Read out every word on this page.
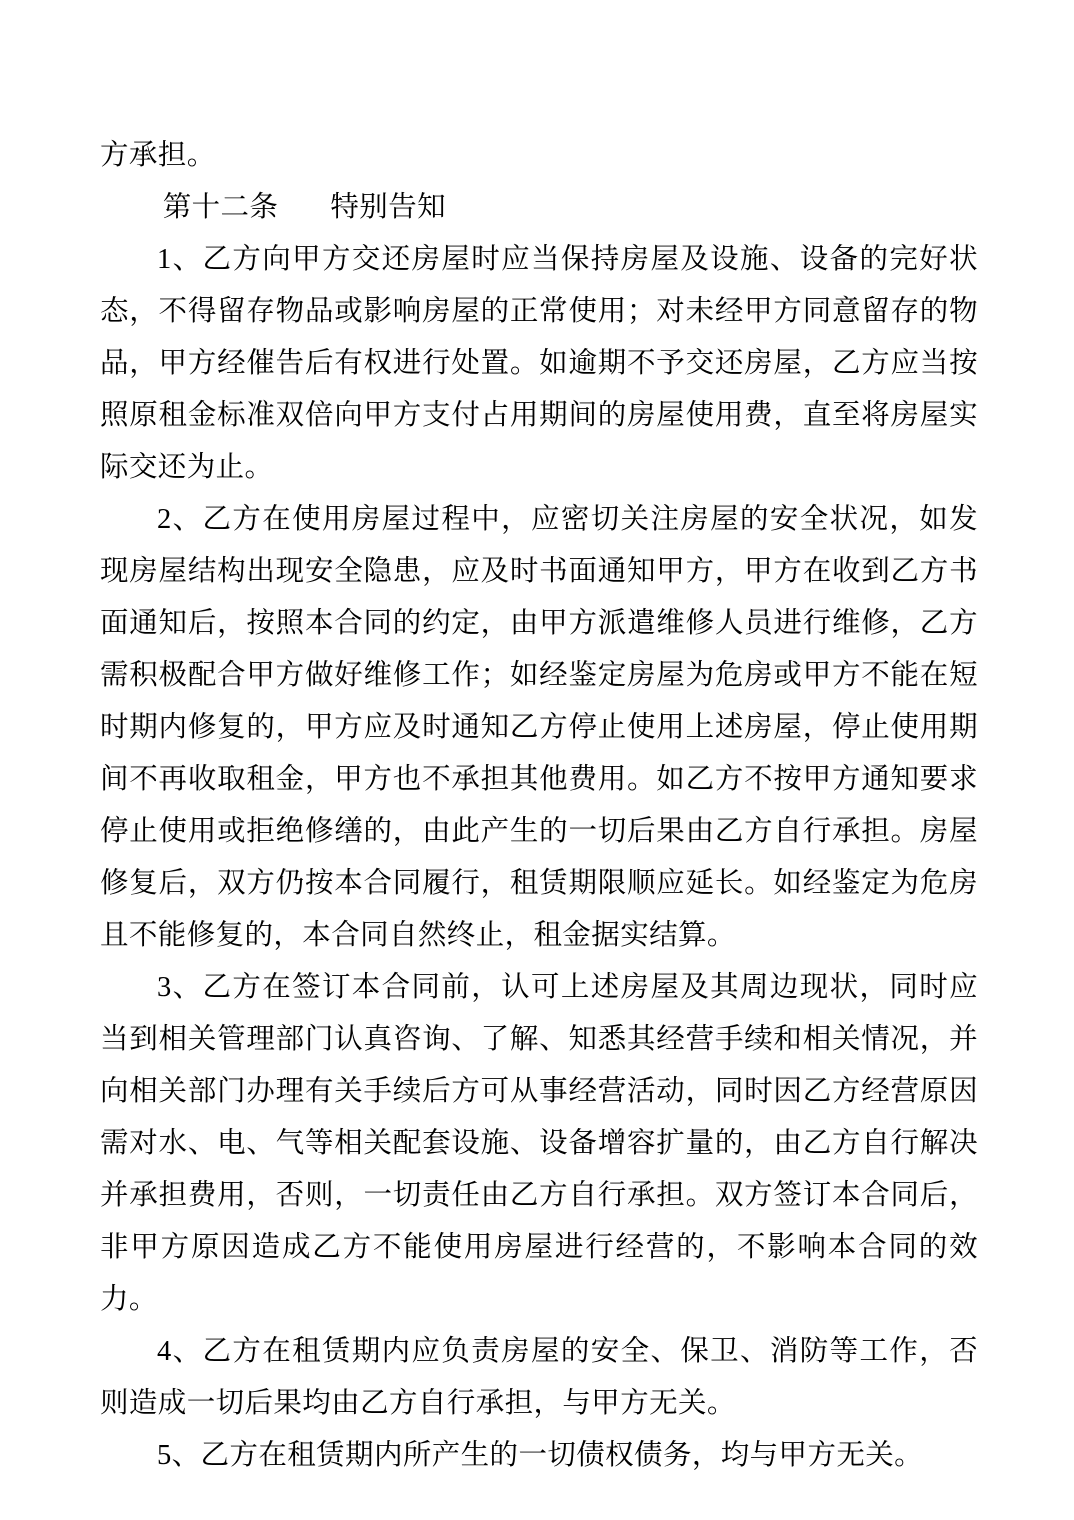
方承担。

第十二条 特别告知

1、乙方向甲方交还房屋时应当保持房屋及设施、设备的完好状态，不得留存物品或影响房屋的正常使用；对未经甲方同意留存的物品，甲方经催告后有权进行处置。如逾期不予交还房屋，乙方应当按照原租金标准双倍向甲方支付占用期间的房屋使用费，直至将房屋实际交还为止。

2、乙方在使用房屋过程中，应密切关注房屋的安全状况，如发现房屋结构出现安全隐患，应及时书面通知甲方，甲方在收到乙方书面通知后，按照本合同的约定，由甲方派遣维修人员进行维修，乙方需积极配合甲方做好维修工作；如经鉴定房屋为危房或甲方不能在短时期内修复的，甲方应及时通知乙方停止使用上述房屋，停止使用期间不再收取租金，甲方也不承担其他费用。如乙方不按甲方通知要求停止使用或拒绝修缮的，由此产生的一切后果由乙方自行承担。房屋修复后，双方仍按本合同履行，租赁期限顺应延长。如经鉴定为危房且不能修复的，本合同自然终止，租金据实结算。

3、乙方在签订本合同前，认可上述房屋及其周边现状，同时应当到相关管理部门认真咨询、了解、知悉其经营手续和相关情况，并向相关部门办理有关手续后方可从事经营活动，同时因乙方经营原因需对水、电、气等相关配套设施、设备增容扩量的，由乙方自行解决并承担费用，否则，一切责任由乙方自行承担。双方签订本合同后，非甲方原因造成乙方不能使用房屋进行经营的，不影响本合同的效力。

4、乙方在租赁期内应负责房屋的安全、保卫、消防等工作，否则造成一切后果均由乙方自行承担，与甲方无关。

5、乙方在租赁期内所产生的一切债权债务，均与甲方无关。
